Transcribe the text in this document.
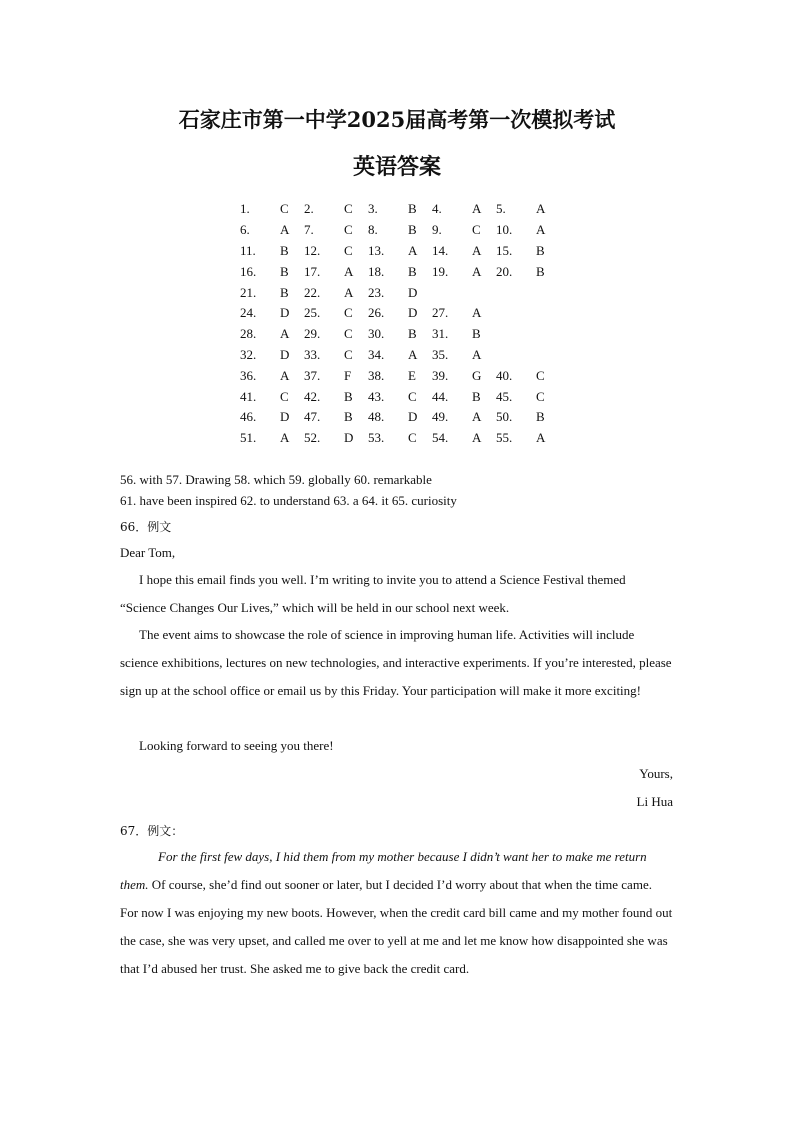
石家庄市第一中学2025届高考第一次模拟考试
英语答案
1.	C	2.	C	3.	B	4.	A	5.	A
6.	A	7.	C	8.	B	9.	C	10.	A
11.	B	12.	C	13.	A	14.	A	15.	B
16.	B	17.	A	18.	B	19.	A	20.	B
21.	B	22.	A	23.	D				
24.	D	25.	C	26.	D	27.	A		
28.	A	29.	C	30.	B	31.	B		
32.	D	33.	C	34.	A	35.	A		
36.	A	37.	F	38.	E	39.	G	40.	C
41.	C	42.	B	43.	C	44.	B	45.	C
46.	D	47.	B	48.	D	49.	A	50.	B
51.	A	52.	D	53.	C	54.	A	55.	A
56. with 57. Drawing 58. which 59. globally 60. remarkable
61. have been inspired 62. to understand 63. a 64. it 65. curiosity
66．例文
Dear Tom,
I hope this email finds you well. I’m writing to invite you to attend a Science Festival themed “Science Changes Our Lives,” which will be held in our school next week.
The event aims to showcase the role of science in improving human life. Activities will include science exhibitions, lectures on new technologies, and interactive experiments. If you’re interested, please sign up at the school office or email us by this Friday. Your participation will make it more exciting!
Looking forward to seeing you there!
Yours,
Li Hua
67．例文：
For the first few days, I hid them from my mother because I didn’t want her to make me return them. Of course, she’d find out sooner or later, but I decided I’d worry about that when the time came. For now I was enjoying my new boots. However, when the credit card bill came and my mother found out the case, she was very upset, and called me over to yell at me and let me know how disappointed she was that I’d abused her trust. She asked me to give back the credit card.
